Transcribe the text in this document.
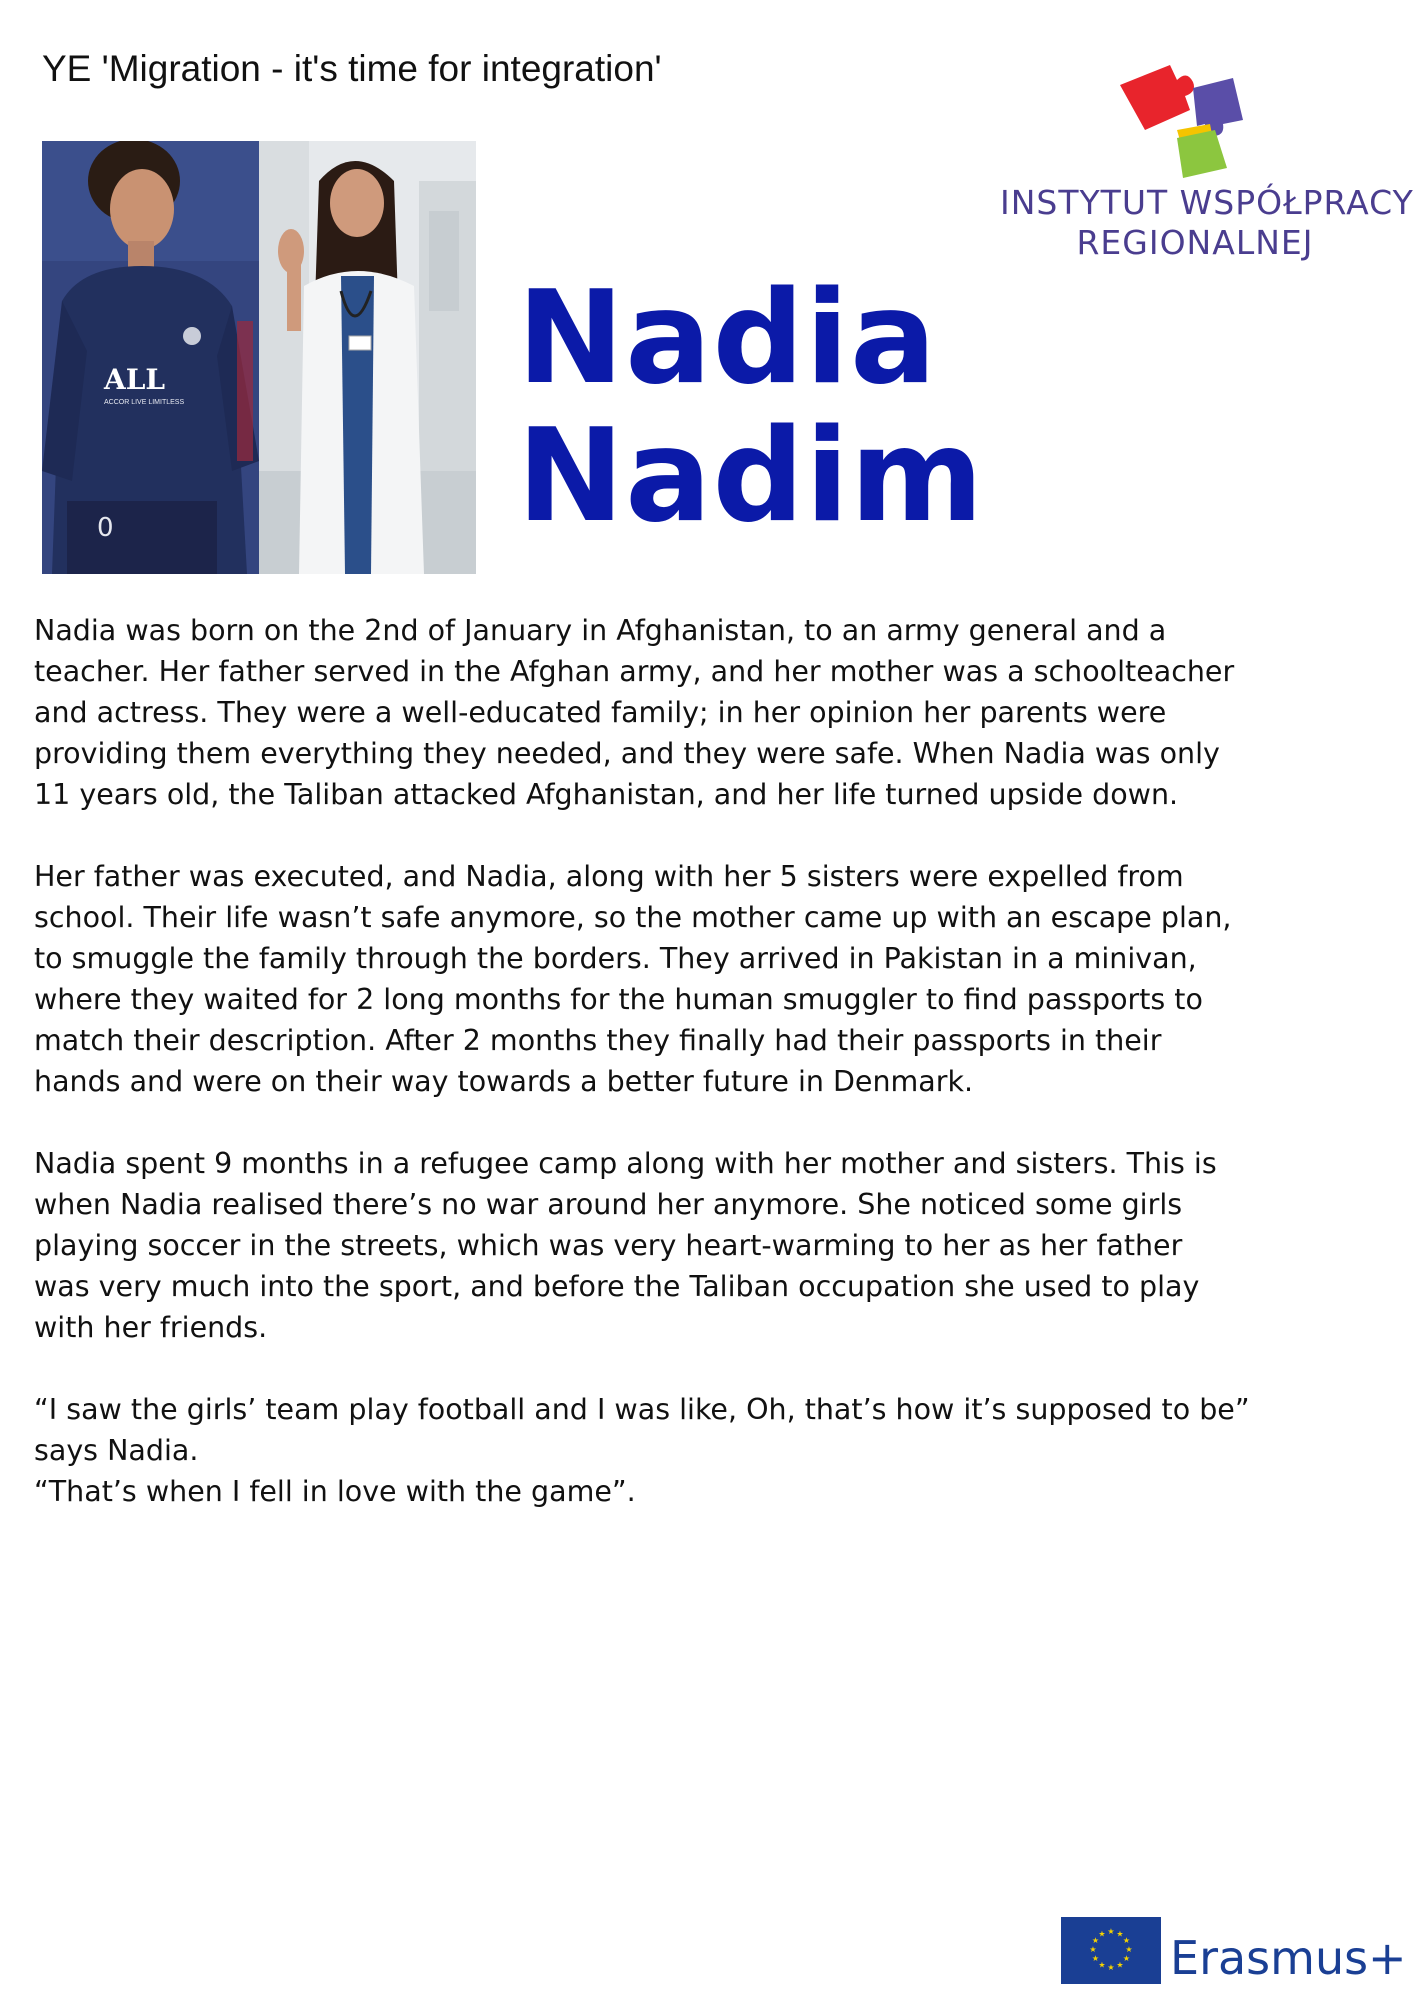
YE 'Migration - it's time for integration'
0
ALL
ACCOR LIVE LIMITLESS	Nadia
Nadim
INSTYTUT WSPÓŁPRACY
REGIONALNEJ

Nadia was born on the 2nd of January in Afghanistan, to an army general and a
teacher. Her father served in the Afghan army, and her mother was a schoolteacher
and actress. They were a well-educated family; in her opinion her parents were
providing them everything they needed, and they were safe. When Nadia was only
11 years old, the Taliban attacked Afghanistan, and her life turned upside down.

Her father was executed, and Nadia, along with her 5 sisters were expelled from
school. Their life wasn’t safe anymore, so the mother came up with an escape plan,
to smuggle the family through the borders. They arrived in Pakistan in a minivan,
where they waited for 2 long months for the human smuggler to find passports to
match their description. After 2 months they finally had their passports in their
hands and were on their way towards a better future in Denmark.

Nadia spent 9 months in a refugee camp along with her mother and sisters. This is
when Nadia realised there’s no war around her anymore. She noticed some girls
playing soccer in the streets, which was very heart-warming to her as her father
was very much into the sport, and before the Taliban occupation she used to play
with her friends.

“I saw the girls’ team play football and I was like, Oh, that’s how it’s supposed to be”
says Nadia.
“That’s when I fell in love with the game”.

★ ★
★
★
★
★
★
★
★
★
★
★ Erasmus+
